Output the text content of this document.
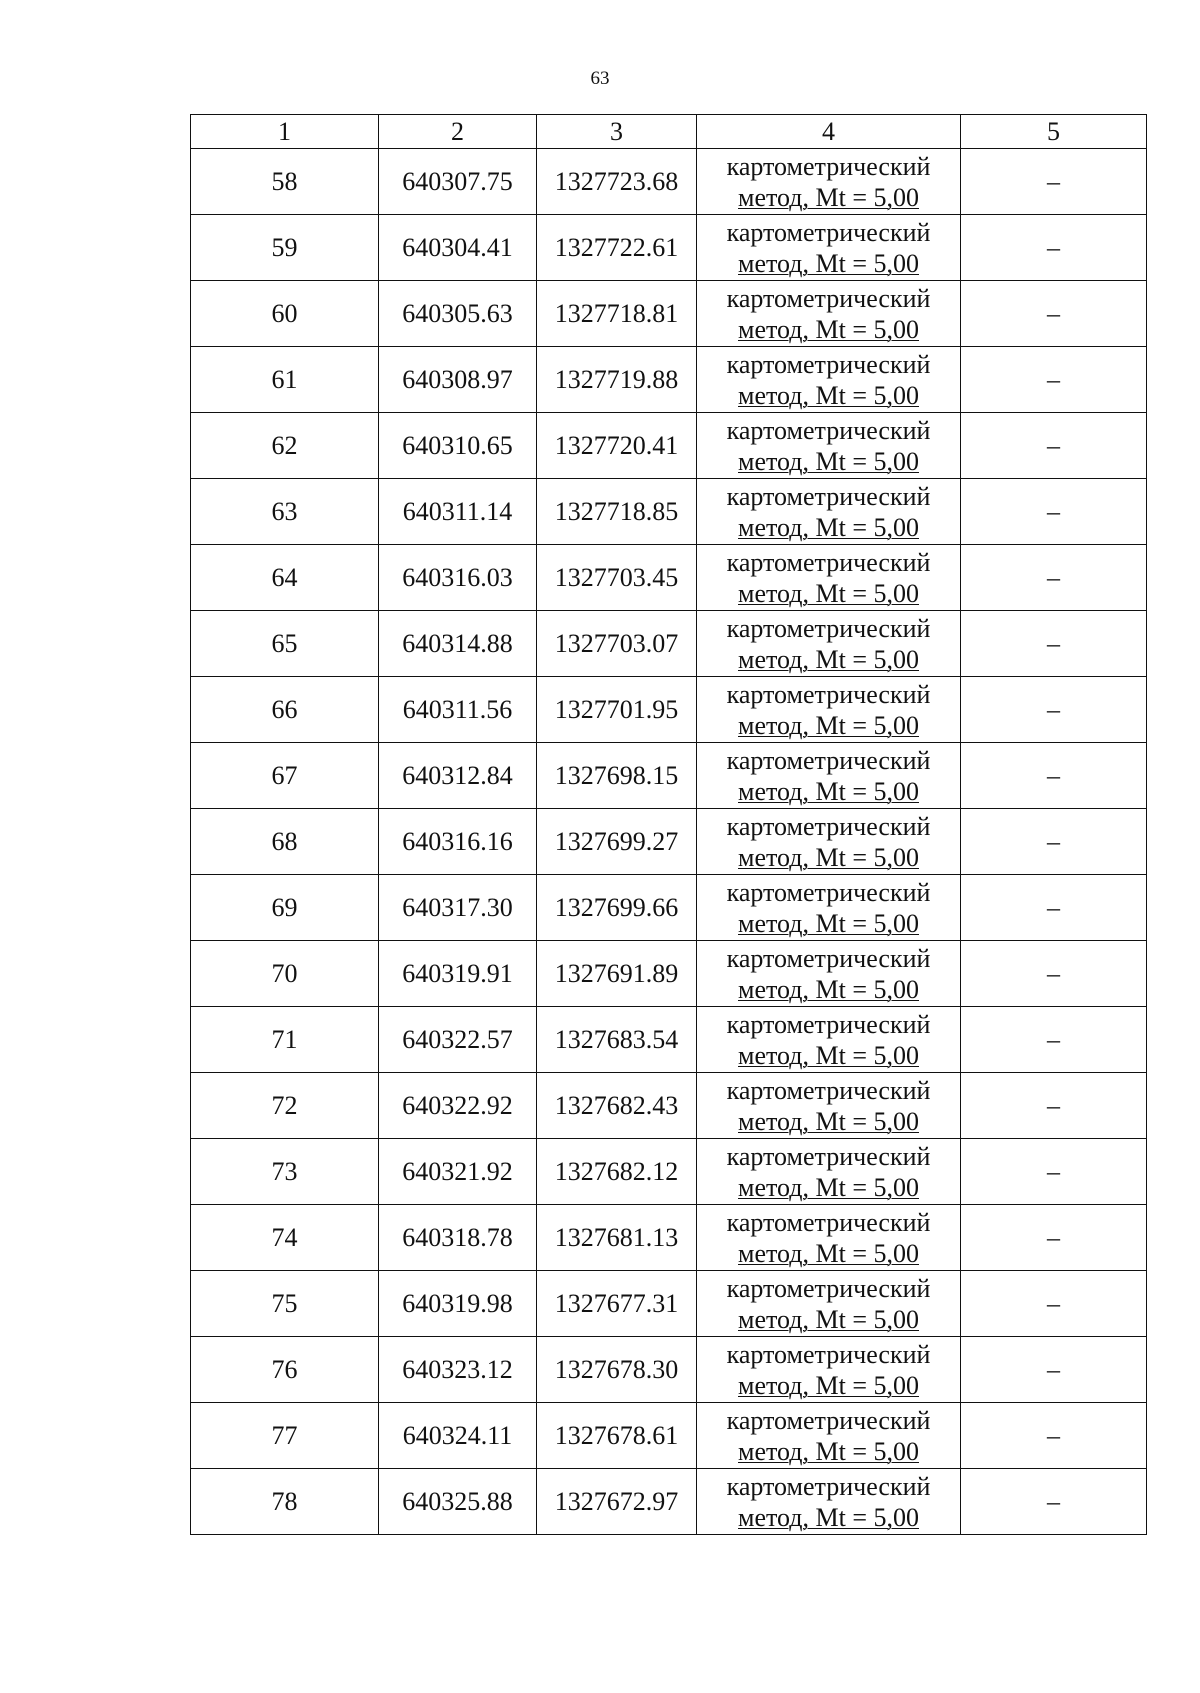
63
1	2	3	4	5
58	640307.75	1327723.68	картометрический
метод, Mt = 5,00	–
59	640304.41	1327722.61	картометрический
метод, Mt = 5,00	–
60	640305.63	1327718.81	картометрический
метод, Mt = 5,00	–
61	640308.97	1327719.88	картометрический
метод, Mt = 5,00	–
62	640310.65	1327720.41	картометрический
метод, Mt = 5,00	–
63	640311.14	1327718.85	картометрический
метод, Mt = 5,00	–
64	640316.03	1327703.45	картометрический
метод, Mt = 5,00	–
65	640314.88	1327703.07	картометрический
метод, Mt = 5,00	–
66	640311.56	1327701.95	картометрический
метод, Mt = 5,00	–
67	640312.84	1327698.15	картометрический
метод, Mt = 5,00	–
68	640316.16	1327699.27	картометрический
метод, Mt = 5,00	–
69	640317.30	1327699.66	картометрический
метод, Mt = 5,00	–
70	640319.91	1327691.89	картометрический
метод, Mt = 5,00	–
71	640322.57	1327683.54	картометрический
метод, Mt = 5,00	–
72	640322.92	1327682.43	картометрический
метод, Mt = 5,00	–
73	640321.92	1327682.12	картометрический
метод, Mt = 5,00	–
74	640318.78	1327681.13	картометрический
метод, Mt = 5,00	–
75	640319.98	1327677.31	картометрический
метод, Mt = 5,00	–
76	640323.12	1327678.30	картометрический
метод, Mt = 5,00	–
77	640324.11	1327678.61	картометрический
метод, Mt = 5,00	–
78	640325.88	1327672.97	картометрический
метод, Mt = 5,00	–
